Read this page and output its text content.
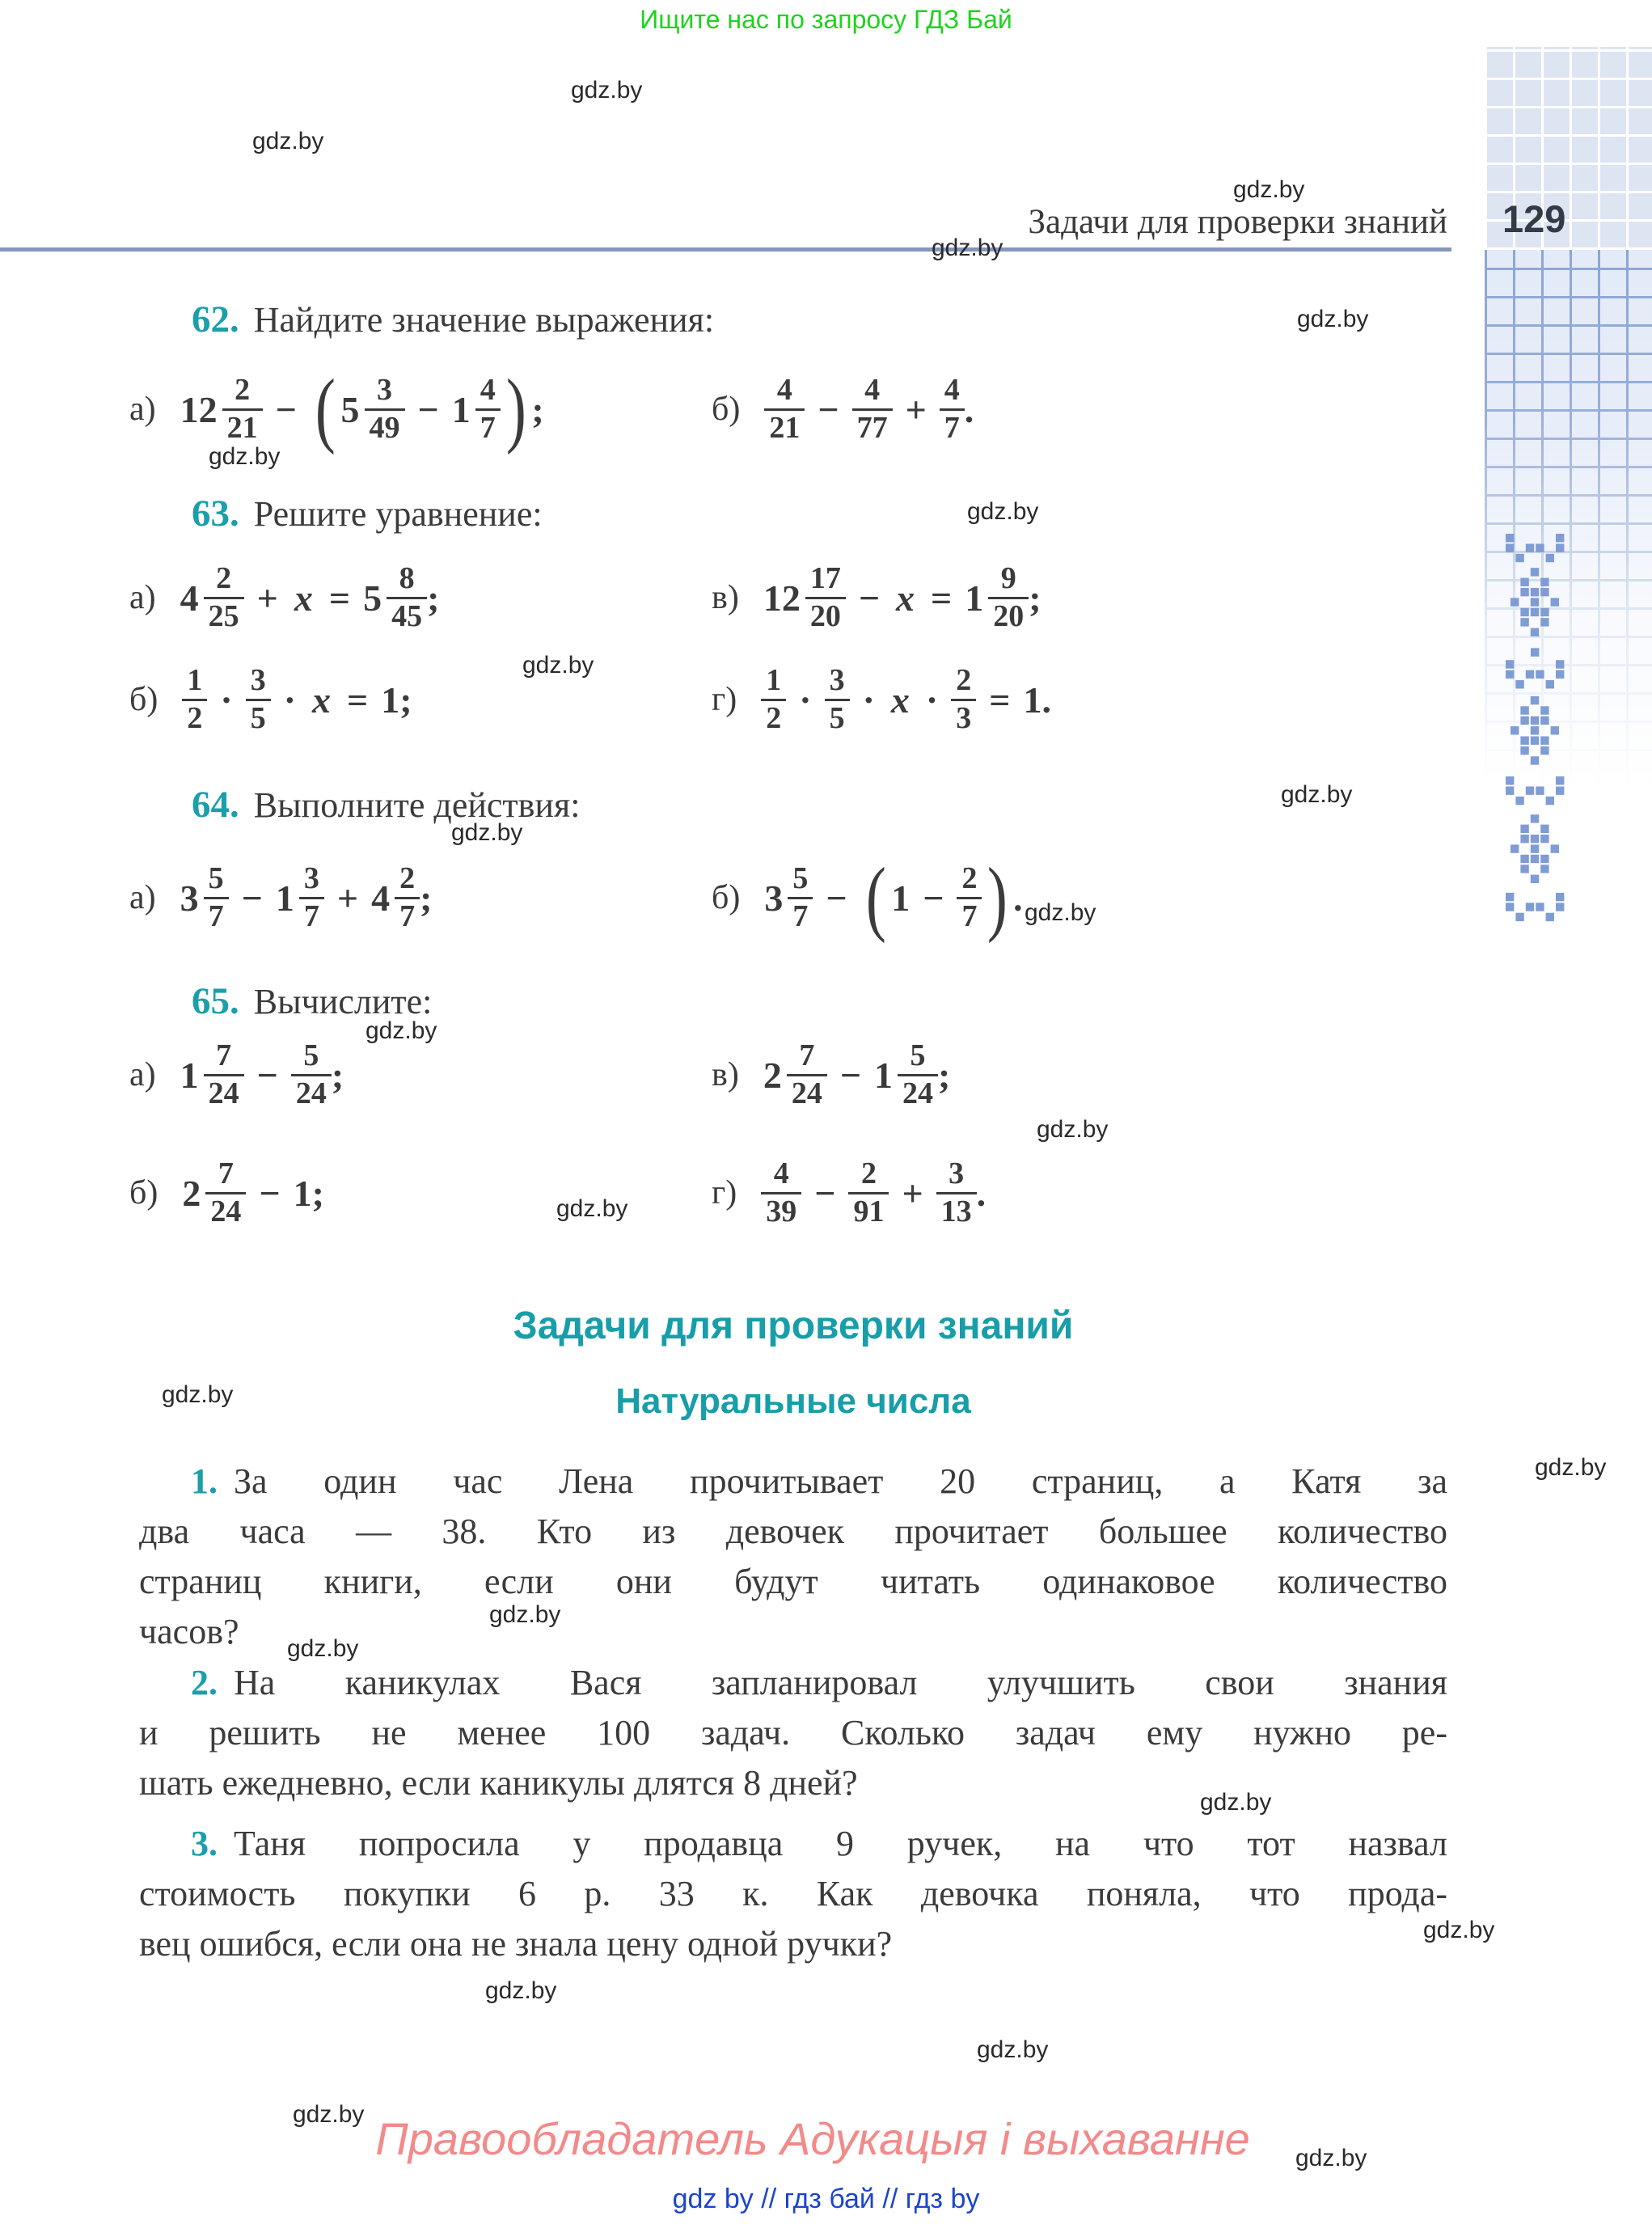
Ищите нас по запросу ГДЗ Бай
gdz.by
gdz.by
gdz.by
gdz.by
gdz.by
gdz.by
gdz.by
gdz.by
gdz.by
gdz.by
gdz.by
gdz.by
gdz.by
gdz.by
gdz.by
gdz.by
gdz.by
gdz.by
gdz.by
gdz.by
gdz.by
gdz.by
gdz.by
gdz.by
Задачи для проверки знаний 129
62. Найдите значение выражения:
а) $12 \frac{2}{21}$ − ( $5 \frac{3}{49} - 1 \frac{4}{7}$ ) ;	$б) \frac{4}{21} - \frac{4}{77} + \frac{4}{7}$ .
63. Решите уравнение:
а) $4 \frac{2}{25} + x = 5 \frac{8}{45}$ ;	в) $12 \frac{17}{20} - x = 1 \frac{9}{20}$ ;
$б) \frac{1}{2} \cdot \frac{3}{5} \cdot x = 1$;	$г) \frac{1}{2} \cdot \frac{3}{5} \cdot x \cdot \frac{2}{3} = 1$.
64. Выполните действия:
а) $3 \frac{5}{7} - 1 \frac{3}{7} + 4 \frac{2}{7}$ ;	б) $3 \frac{5}{7}$ − ( $1 - \frac{2}{7}$ ) .
65. Вычислите:
а) $1 \frac{7}{24} - \frac{5}{24}$ ;	в) $2 \frac{7}{24} - 1 \frac{5}{24}$ ;
б) $2 \frac{7}{24} - 1$;	$г) \frac{4}{39} - \frac{2}{91} + \frac{3}{13}$ .
Задачи для проверки знаний
Натуральные числа
1. За один час Лена прочитывает 20 страниц, а Катя за
два часа — 38. Кто из девочек прочитает большее количество
страниц книги, если они будут читать одинаковое количество
часов?
2. На каникулах Вася запланировал улучшить свои знания
и решить не менее 100 задач. Сколько задач ему нужно ре-
шать ежедневно, если каникулы длятся 8 дней?
3. Таня попросила у продавца 9 ручек, на что тот назвал
стоимость покупки 6 р. 33 к. Как девочка поняла, что прода-
вец ошибся, если она не знала цену одной ручки?
Правообладатель Адукацыя і выхаванне
gdz by // гдз бай // гдз by
